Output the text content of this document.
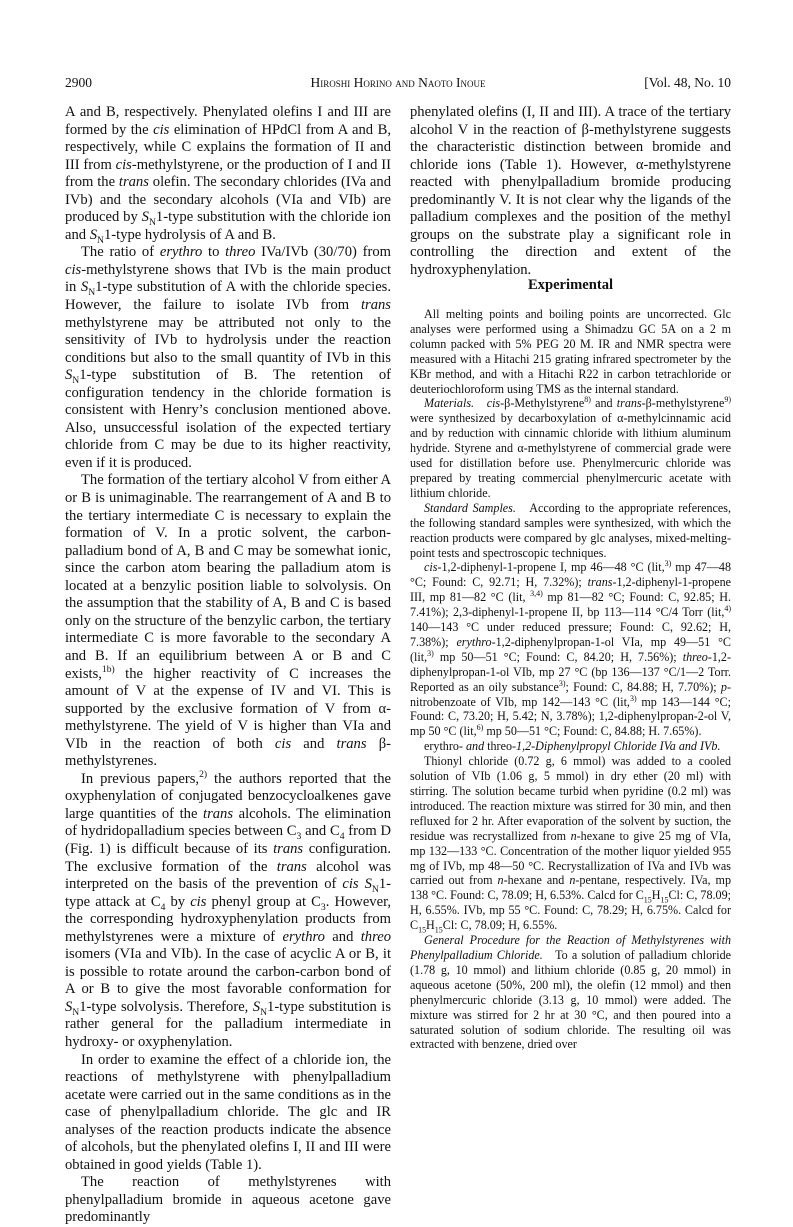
2900	Hiroshi Horino and Naoto Inoue	[Vol. 48, No. 10

A and B, respectively. Phenylated olefins I and III are formed by the cis elimination of HPdCl from A and B, respectively, while C explains the formation of II and III from cis-methylstyrene, or the production of I and II from the trans olefin. The secondary chlorides (IVa and IVb) and the secondary alcohols (VIa and VIb) are produced by $S_N1$-type substitution with the chloride ion and $S_N1$-type hydrolysis of A and B.

The ratio of erythro to threo IVa/IVb (30/70) from cis-methylstyrene shows that IVb is the main product in $S_N1$-type substitution of A with the chloride species. However, the failure to isolate IVb from trans methylstyrene may be attributed not only to the sensitivity of IVb to hydrolysis under the reaction conditions but also to the small quantity of IVb in this $S_N1$-type substitution of B. The retention of configuration tendency in the chloride formation is consistent with Henry’s conclusion mentioned above. Also, unsuccessful isolation of the expected tertiary chloride from C may be due to its higher reactivity, even if it is produced.

The formation of the tertiary alcohol V from either A or B is unimaginable. The rearrangement of A and B to the tertiary intermediate C is necessary to explain the formation of V. In a protic solvent, the carbon-palladium bond of A, B and C may be somewhat ionic, since the carbon atom bearing the palladium atom is located at a benzylic position liable to solvolysis. On the assumption that the stability of A, B and C is based only on the structure of the benzylic carbon, the tertiary intermediate C is more favorable to the secondary A and B. If an equilibrium between A or B and C exists,$^{1b)}$ the higher reactivity of C increases the amount of V at the expense of IV and VI. This is supported by the exclusive formation of V from α-methylstyrene. The yield of V is higher than VIa and VIb in the reaction of both cis and trans β-methylstyrenes.

In previous papers,$^{2)}$ the authors reported that the oxyphenylation of conjugated benzocycloalkenes gave large quantities of the trans alcohols. The elimination of hydridopalladium species between $C_3$ and $C_4$ from D (Fig. 1) is difficult because of its trans configuration. The exclusive formation of the trans alcohol was interpreted on the basis of the prevention of cis $S_N1$-type attack at $C_4$ by cis phenyl group at $C_3$. However, the corresponding hydroxyphenylation products from methylstyrenes were a mixture of erythro and threo isomers (VIa and VIb). In the case of acyclic A or B, it is possible to rotate around the carbon-carbon bond of A or B to give the most favorable conformation for $S_N1$-type solvolysis. Therefore, $S_N1$-type substitution is rather general for the palladium intermediate in hydroxy- or oxyphenylation.

In order to examine the effect of a chloride ion, the reactions of methylstyrene with phenylpalladium acetate were carried out in the same conditions as in the case of phenylpalladium chloride. The glc and IR analyses of the reaction products indicate the absence of alcohols, but the phenylated olefins I, II and III were obtained in good yields (Table 1).

The reaction of methylstyrenes with phenylpalladium bromide in aqueous acetone gave predominantly

phenylated olefins (I, II and III). A trace of the tertiary alcohol V in the reaction of β-methylstyrene suggests the characteristic distinction between bromide and chloride ions (Table 1). However, α-methylstyrene reacted with phenylpalladium bromide producing predominantly V. It is not clear why the ligands of the palladium complexes and the position of the methyl groups on the substrate play a significant role in controlling the direction and extent of the hydroxyphenylation.

Experimental

All melting points and boiling points are uncorrected. Glc analyses were performed using a Shimadzu GC 5A on a 2 m column packed with 5% PEG 20 M. IR and NMR spectra were measured with a Hitachi 215 grating infrared spectrometer by the KBr method, and with a Hitachi R22 in carbon tetrachloride or deuteriochloroform using TMS as the internal standard.

Materials. cis-β-Methylstyrene$^{8)}$ and trans-β-methylstyrene$^{9)}$ were synthesized by decarboxylation of α-methylcinnamic acid and by reduction with cinnamic chloride with lithium aluminum hydride. Styrene and α-methylstyrene of commercial grade were used for distillation before use. Phenylmercuric chloride was prepared by treating commercial phenylmercuric acetate with lithium chloride.

Standard Samples.   According to the appropriate references, the following standard samples were synthesized, with which the reaction products were compared by glc analyses, mixed-melting-point tests and spectroscopic techniques.

cis-1,2-diphenyl-1-propene I, mp 46—48 °C (lit,$^{3)}$ mp 47—48 °C; Found: C, 92.71; H, 7.32%); trans-1,2-diphenyl-1-propene III, mp 81—82 °C (lit, $^{3,4)}$ mp 81—82 °C; Found: C, 92.85; H. 7.41%); 2,3-diphenyl-1-propene II, bp 113—114 °C/4 Torr (lit,$^{4)}$ 140—143 °C under reduced pressure; Found: C, 92.62; H, 7.38%); erythro-1,2-diphenylpropan-1-ol VIa, mp 49—51 °C (lit,$^{3)}$ mp 50—51 °C; Found: C, 84.20; H, 7.56%); threo-1,2-diphenylpropan-1-ol VIb, mp 27 °C (bp 136—137 °C/1—2 Torr. Reported as an oily substance$^{3)}$; Found: C, 84.88; H, 7.70%); p-nitrobenzoate of VIb, mp 142—143 °C (lit,$^{3)}$ mp 143—144 °C; Found: C, 73.20; H, 5.42; N, 3.78%); 1,2-diphenylpropan-2-ol V, mp 50 °C (lit,$^{6)}$ mp 50—51 °C; Found: C, 84.88; H. 7.65%).

erythro- and threo-1,2-Diphenylpropyl Chloride IVa and IVb.

Thionyl chloride (0.72 g, 6 mmol) was added to a cooled solution of VIb (1.06 g, 5 mmol) in dry ether (20 ml) with stirring. The solution became turbid when pyridine (0.2 ml) was introduced. The reaction mixture was stirred for 30 min, and then refluxed for 2 hr. After evaporation of the solvent by suction, the residue was recrystallized from n-hexane to give 25 mg of VIa, mp 132—133 °C. Concentration of the mother liquor yielded 955 mg of IVb, mp 48—50 °C. Recrystallization of IVa and IVb was carried out from n-hexane and n-pentane, respectively. IVa, mp 138 °C. Found: C, 78.09; H, 6.53%. Calcd for $C_{15}H_{15}Cl$: C, 78.09; H, 6.55%. IVb, mp 55 °C. Found: C, 78.29; H, 6.75%. Calcd for $C_{15}H_{15}Cl$: C, 78.09; H, 6.55%.

General Procedure for the Reaction of Methylstyrenes with Phenylpalladium Chloride.   To a solution of palladium chloride (1.78 g, 10 mmol) and lithium chloride (0.85 g, 20 mmol) in aqueous acetone (50%, 200 ml), the olefin (12 mmol) and then phenylmercuric chloride (3.13 g, 10 mmol) were added. The mixture was stirred for 2 hr at 30 °C, and then poured into a saturated solution of sodium chloride. The resulting oil was extracted with benzene, dried over
